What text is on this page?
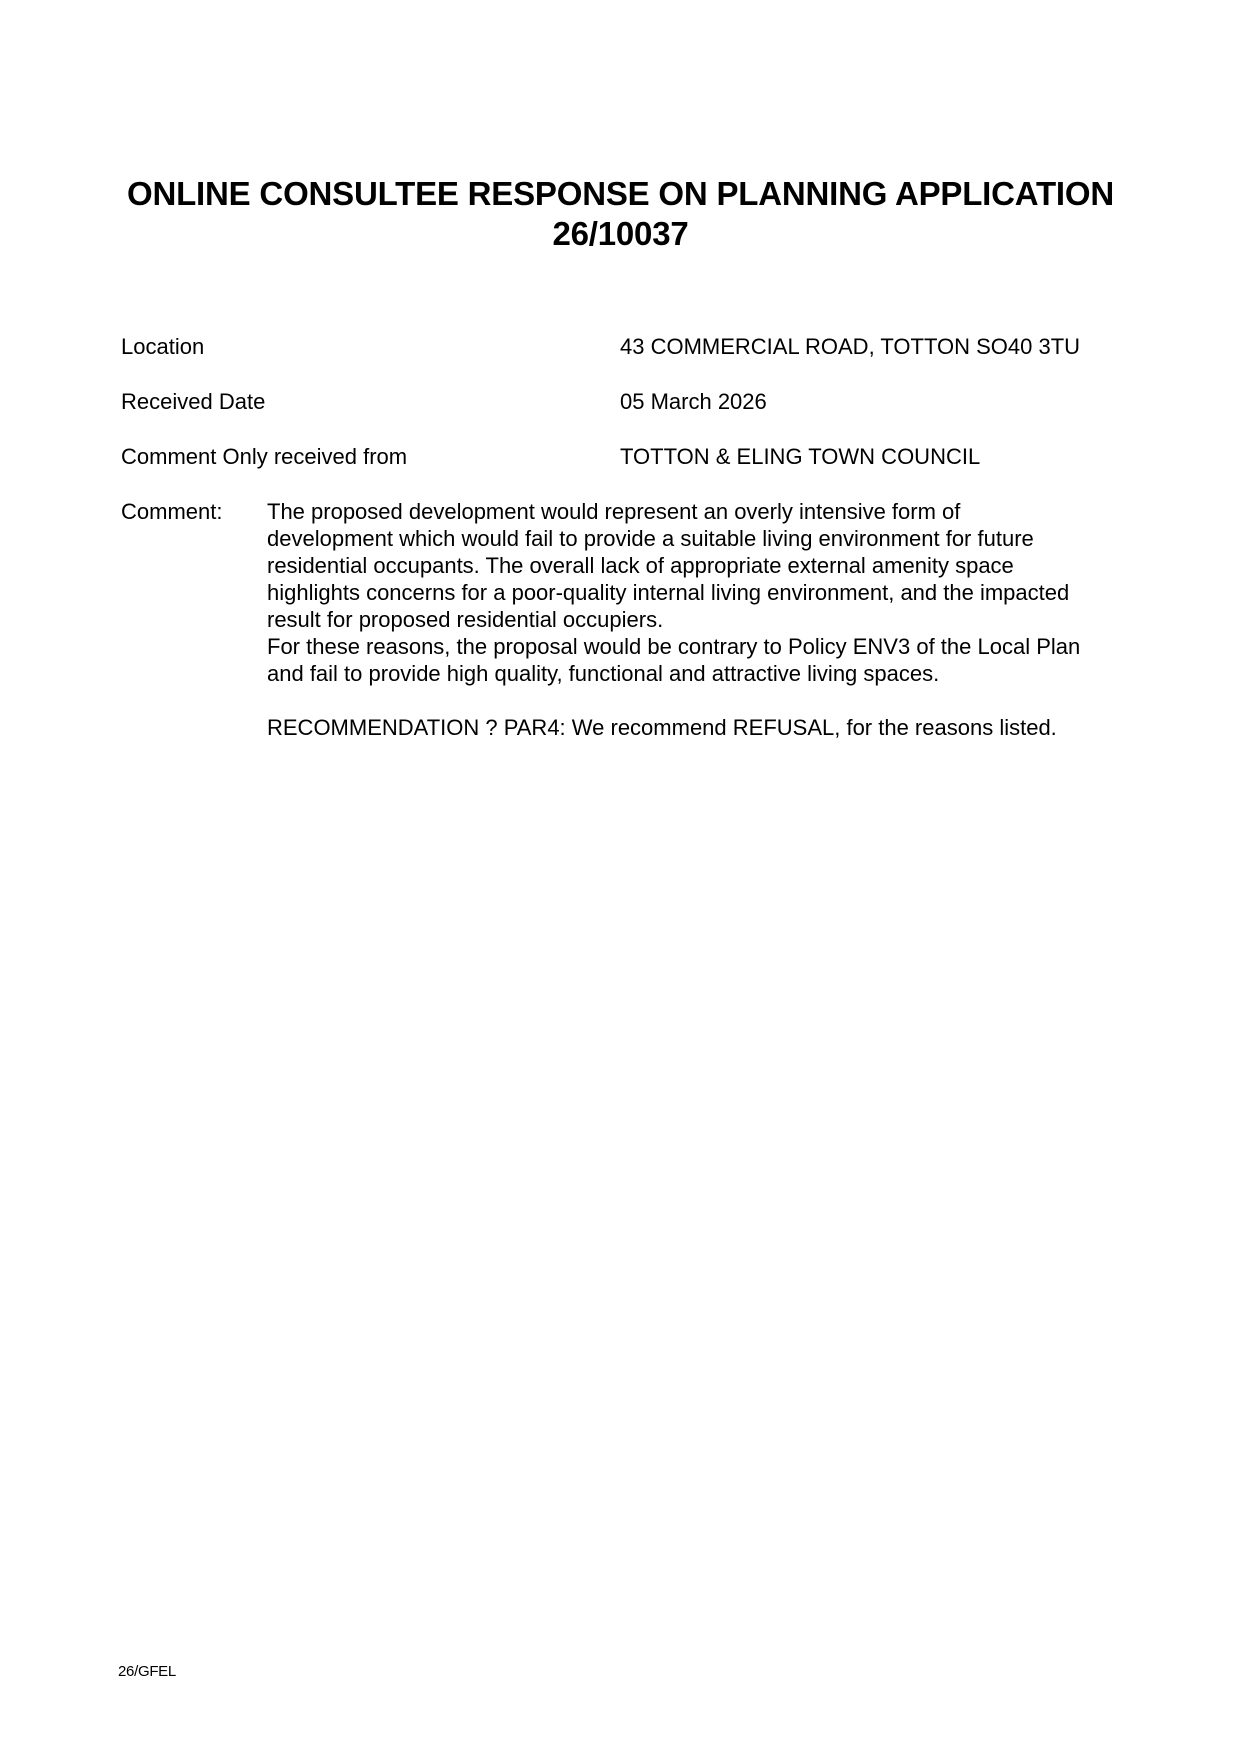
ONLINE CONSULTEE RESPONSE ON PLANNING APPLICATION
26/10037
Location	43 COMMERCIAL ROAD, TOTTON SO40 3TU
Received Date	05 March 2026
Comment Only received from	TOTTON & ELING TOWN COUNCIL
Comment: The proposed development would represent an overly intensive form of
development which would fail to provide a suitable living environment for future
residential occupants. The overall lack of appropriate external amenity space
highlights concerns for a poor-quality internal living environment, and the impacted
result for proposed residential occupiers.
For these reasons, the proposal would be contrary to Policy ENV3 of the Local Plan
and fail to provide high quality, functional and attractive living spaces.
RECOMMENDATION ? PAR4: We recommend REFUSAL, for the reasons listed.
26/GFEL
